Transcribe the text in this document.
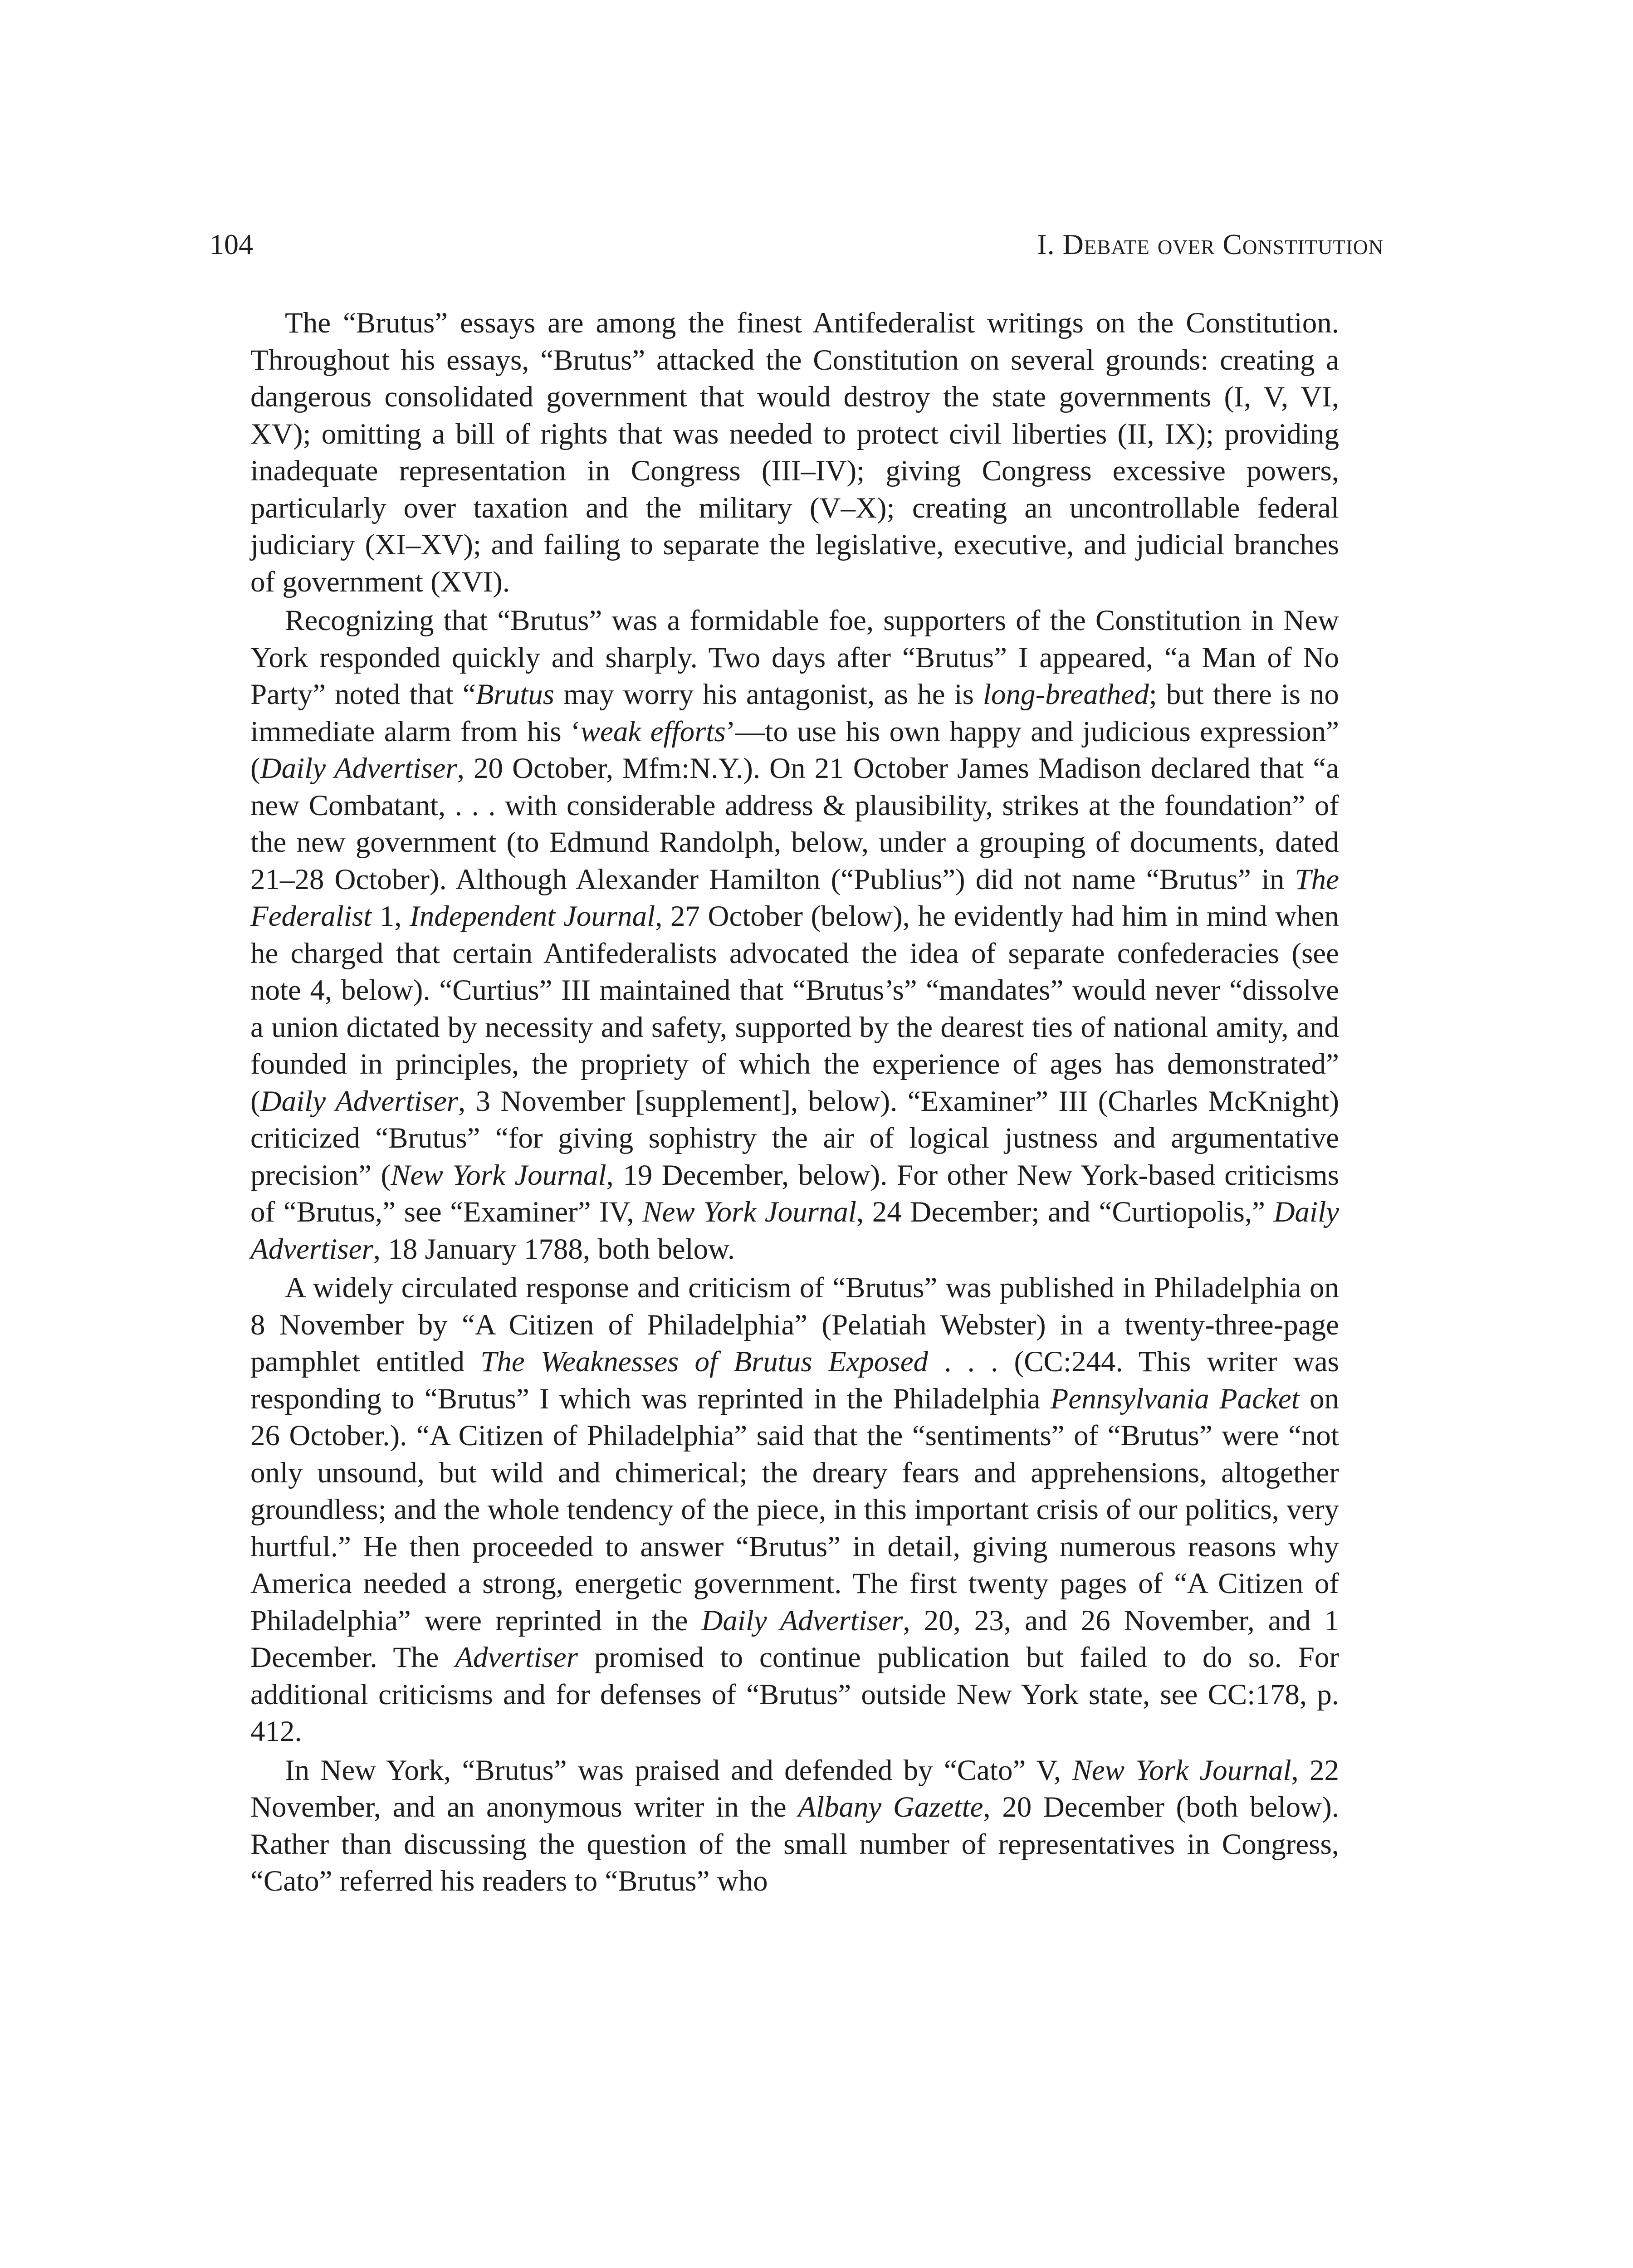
104	I. Debate over Constitution

The “Brutus” essays are among the finest Antifederalist writings on the Constitution. Throughout his essays, “Brutus” attacked the Constitution on several grounds: creating a dangerous consolidated government that would destroy the state governments (I, V, VI, XV); omitting a bill of rights that was needed to protect civil liberties (II, IX); providing inadequate representation in Congress (III–IV); giving Congress excessive powers, particularly over taxation and the military (V–X); creating an uncontrollable federal judiciary (XI–XV); and failing to separate the legislative, executive, and judicial branches of government (XVI).

Recognizing that “Brutus” was a formidable foe, supporters of the Constitution in New York responded quickly and sharply. Two days after “Brutus” I appeared, “a Man of No Party” noted that “Brutus may worry his antagonist, as he is long-breathed; but there is no immediate alarm from his ‘weak efforts’—to use his own happy and judicious expression” (Daily Advertiser, 20 October, Mfm:N.Y.). On 21 October James Madison declared that “a new Combatant, . . . with considerable address & plausibility, strikes at the foundation” of the new government (to Edmund Randolph, below, under a grouping of documents, dated 21–28 October). Although Alexander Hamilton (“Publius”) did not name “Brutus” in The Federalist 1, Independent Journal, 27 October (below), he evidently had him in mind when he charged that certain Antifederalists advocated the idea of separate confederacies (see note 4, below). “Curtius” III maintained that “Brutus’s” “mandates” would never “dissolve a union dictated by necessity and safety, supported by the dearest ties of national amity, and founded in principles, the propriety of which the experience of ages has demonstrated” (Daily Advertiser, 3 November [supplement], below). “Examiner” III (Charles McKnight) criticized “Brutus” “for giving sophistry the air of logical justness and argumentative precision” (New York Journal, 19 December, below). For other New York-based criticisms of “Brutus,” see “Examiner” IV, New York Journal, 24 December; and “Curtiopolis,” Daily Advertiser, 18 January 1788, both below.

A widely circulated response and criticism of “Brutus” was published in Philadelphia on 8 November by “A Citizen of Philadelphia” (Pelatiah Webster) in a twenty-three-page pamphlet entitled The Weaknesses of Brutus Exposed . . . (CC:244. This writer was responding to “Brutus” I which was reprinted in the Philadelphia Pennsylvania Packet on 26 October.). “A Citizen of Philadelphia” said that the “sentiments” of “Brutus” were “not only unsound, but wild and chimerical; the dreary fears and apprehensions, altogether groundless; and the whole tendency of the piece, in this important crisis of our politics, very hurtful.” He then proceeded to answer “Brutus” in detail, giving numerous reasons why America needed a strong, energetic government. The first twenty pages of “A Citizen of Philadelphia” were reprinted in the Daily Advertiser, 20, 23, and 26 November, and 1 December. The Advertiser promised to continue publication but failed to do so. For additional criticisms and for defenses of “Brutus” outside New York state, see CC:178, p. 412.

In New York, “Brutus” was praised and defended by “Cato” V, New York Journal, 22 November, and an anonymous writer in the Albany Gazette, 20 December (both below). Rather than discussing the question of the small number of representatives in Congress, “Cato” referred his readers to “Brutus” who
